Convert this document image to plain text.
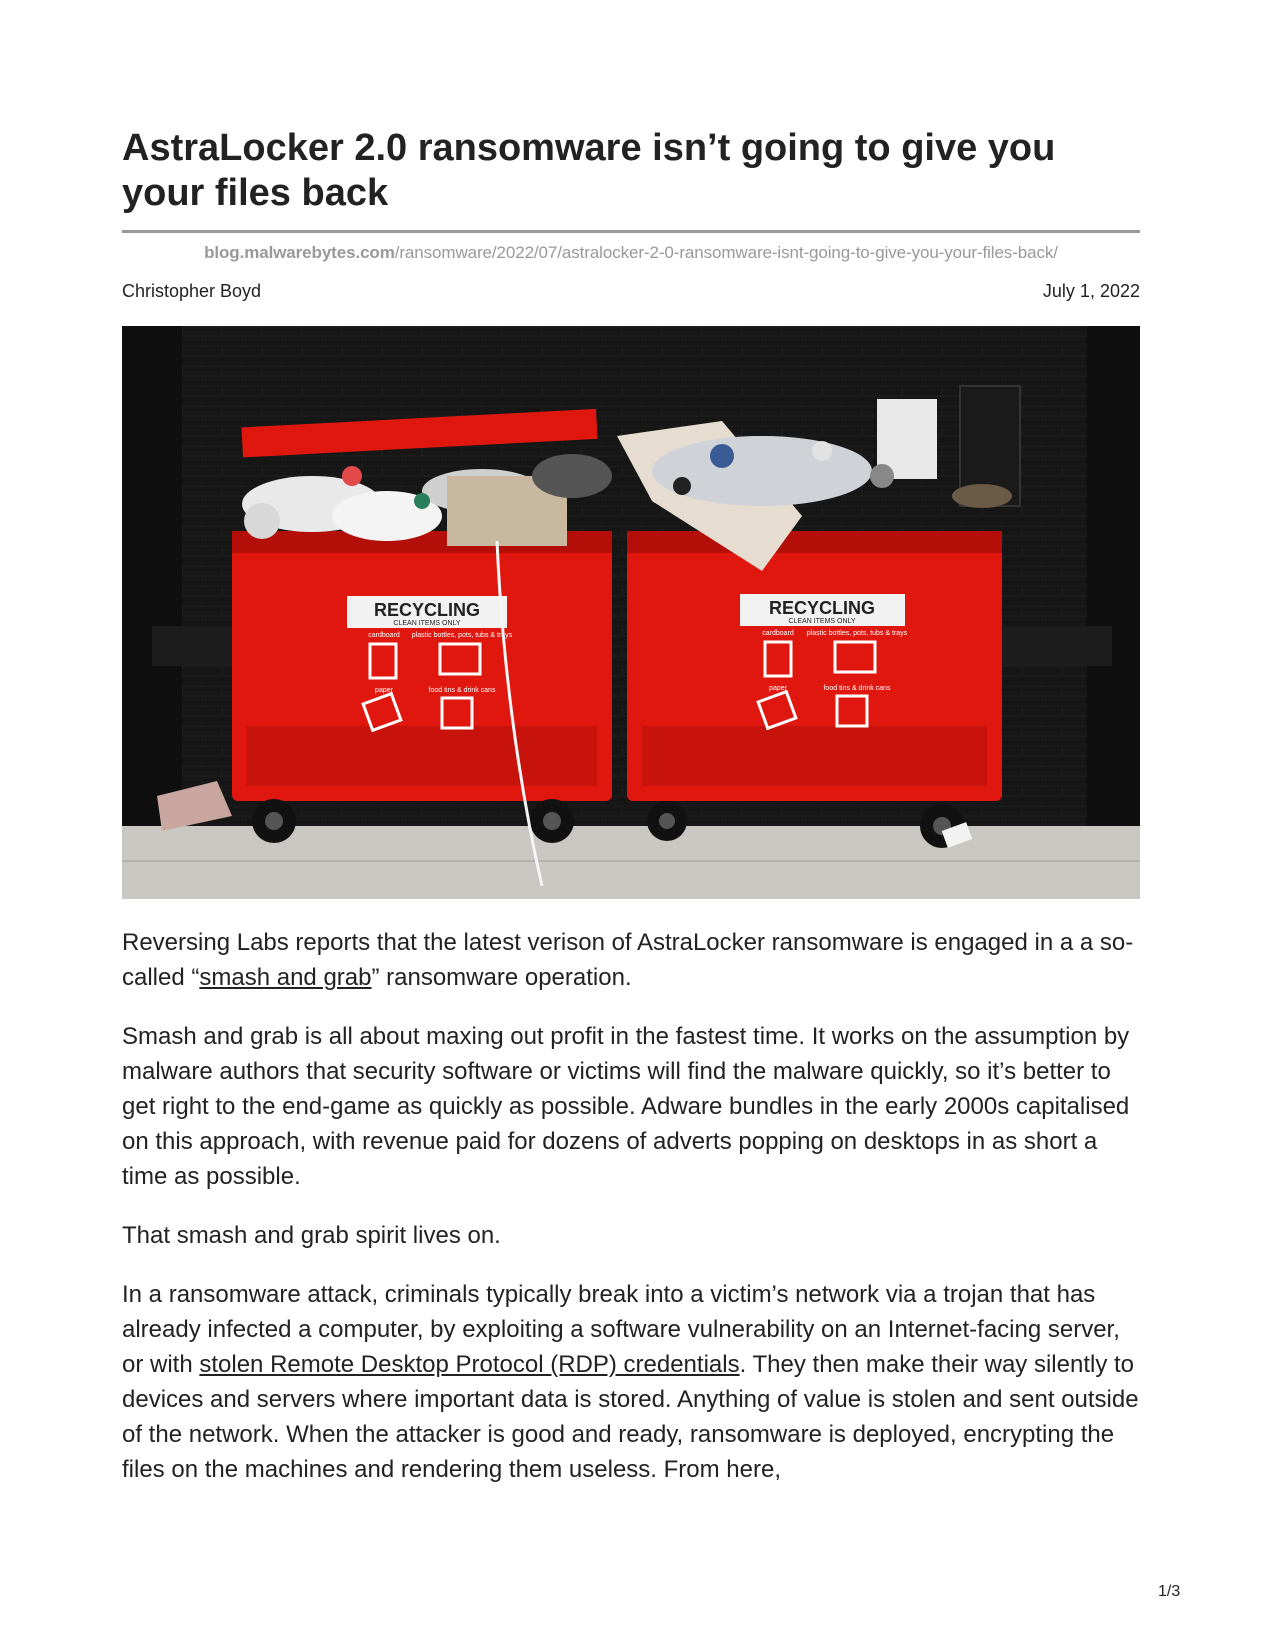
AstraLocker 2.0 ransomware isn’t going to give you your files back
blog.malwarebytes.com/ransomware/2022/07/astralocker-2-0-ransomware-isnt-going-to-give-you-your-files-back/
Christopher Boyd	July 1, 2022
RECYCLING
CLEAN ITEMS ONLY
cardboard plastic bottles, pots, tubs & trays
paper	food tins & drink cans
RECYCLING
CLEAN ITEMS ONLY
cardboard plastic bottles, pots, tubs & trays
paper	food tins & drink cans

Reversing Labs reports that the latest verison of AstraLocker ransomware is engaged in a a so-called “smash and grab” ransomware operation.

Smash and grab is all about maxing out profit in the fastest time. It works on the assumption by malware authors that security software or victims will find the malware quickly, so it’s better to get right to the end-game as quickly as possible. Adware bundles in the early 2000s capitalised on this approach, with revenue paid for dozens of adverts popping on desktops in as short a time as possible.

That smash and grab spirit lives on.

In a ransomware attack, criminals typically break into a victim’s network via a trojan that has already infected a computer, by exploiting a software vulnerability on an Internet-facing server, or with stolen Remote Desktop Protocol (RDP) credentials. They then make their way silently to devices and servers where important data is stored. Anything of value is stolen and sent outside of the network. When the attacker is good and ready, ransomware is deployed, encrypting the files on the machines and rendering them useless. From here,

1/3
